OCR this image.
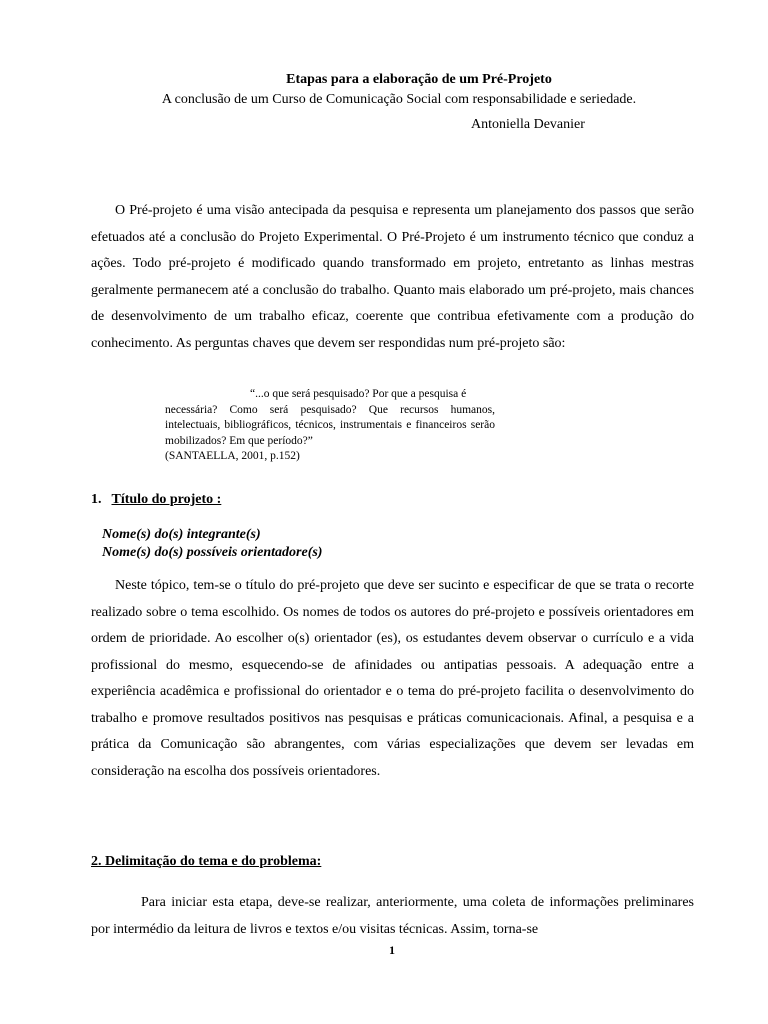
Etapas para a elaboração de um Pré-Projeto
A conclusão de um Curso de Comunicação Social com responsabilidade e seriedade.
Antoniella Devanier

O Pré-projeto é uma visão antecipada da pesquisa e representa um planejamento dos passos que serão efetuados até a conclusão do Projeto Experimental. O Pré-Projeto é um instrumento técnico que conduz a ações. Todo pré-projeto é modificado quando transformado em projeto, entretanto as linhas mestras geralmente permanecem até a conclusão do trabalho. Quanto mais elaborado um pré-projeto, mais chances de desenvolvimento de um trabalho eficaz, coerente que contribua efetivamente com a produção do conhecimento. As perguntas chaves que devem ser respondidas num pré-projeto são:

“...o que será pesquisado? Por que a pesquisa é
necessária? Como será pesquisado? Que recursos humanos, intelectuais, bibliográficos, técnicos, instrumentais e financeiros serão mobilizados? Em que período?”
(SANTAELLA, 2001, p.152)
1. Título do projeto :
Nome(s) do(s) integrante(s)
Nome(s) do(s) possíveis orientadore(s)

Neste tópico, tem-se o título do pré-projeto que deve ser sucinto e especificar de que se trata o recorte realizado sobre o tema escolhido. Os nomes de todos os autores do pré-projeto e possíveis orientadores em ordem de prioridade. Ao escolher o(s) orientador (es), os estudantes devem observar o currículo e a vida profissional do mesmo, esquecendo-se de afinidades ou antipatias pessoais. A adequação entre a experiência acadêmica e profissional do orientador e o tema do pré-projeto facilita o desenvolvimento do trabalho e promove resultados positivos nas pesquisas e práticas comunicacionais. Afinal, a pesquisa e a prática da Comunicação são abrangentes, com várias especializações que devem ser levadas em consideração na escolha dos possíveis orientadores.

2. Delimitação do tema e do problema:

Para iniciar esta etapa, deve-se realizar, anteriormente, uma coleta de informações preliminares por intermédio da leitura de livros e textos e/ou visitas técnicas. Assim, torna-se

1
